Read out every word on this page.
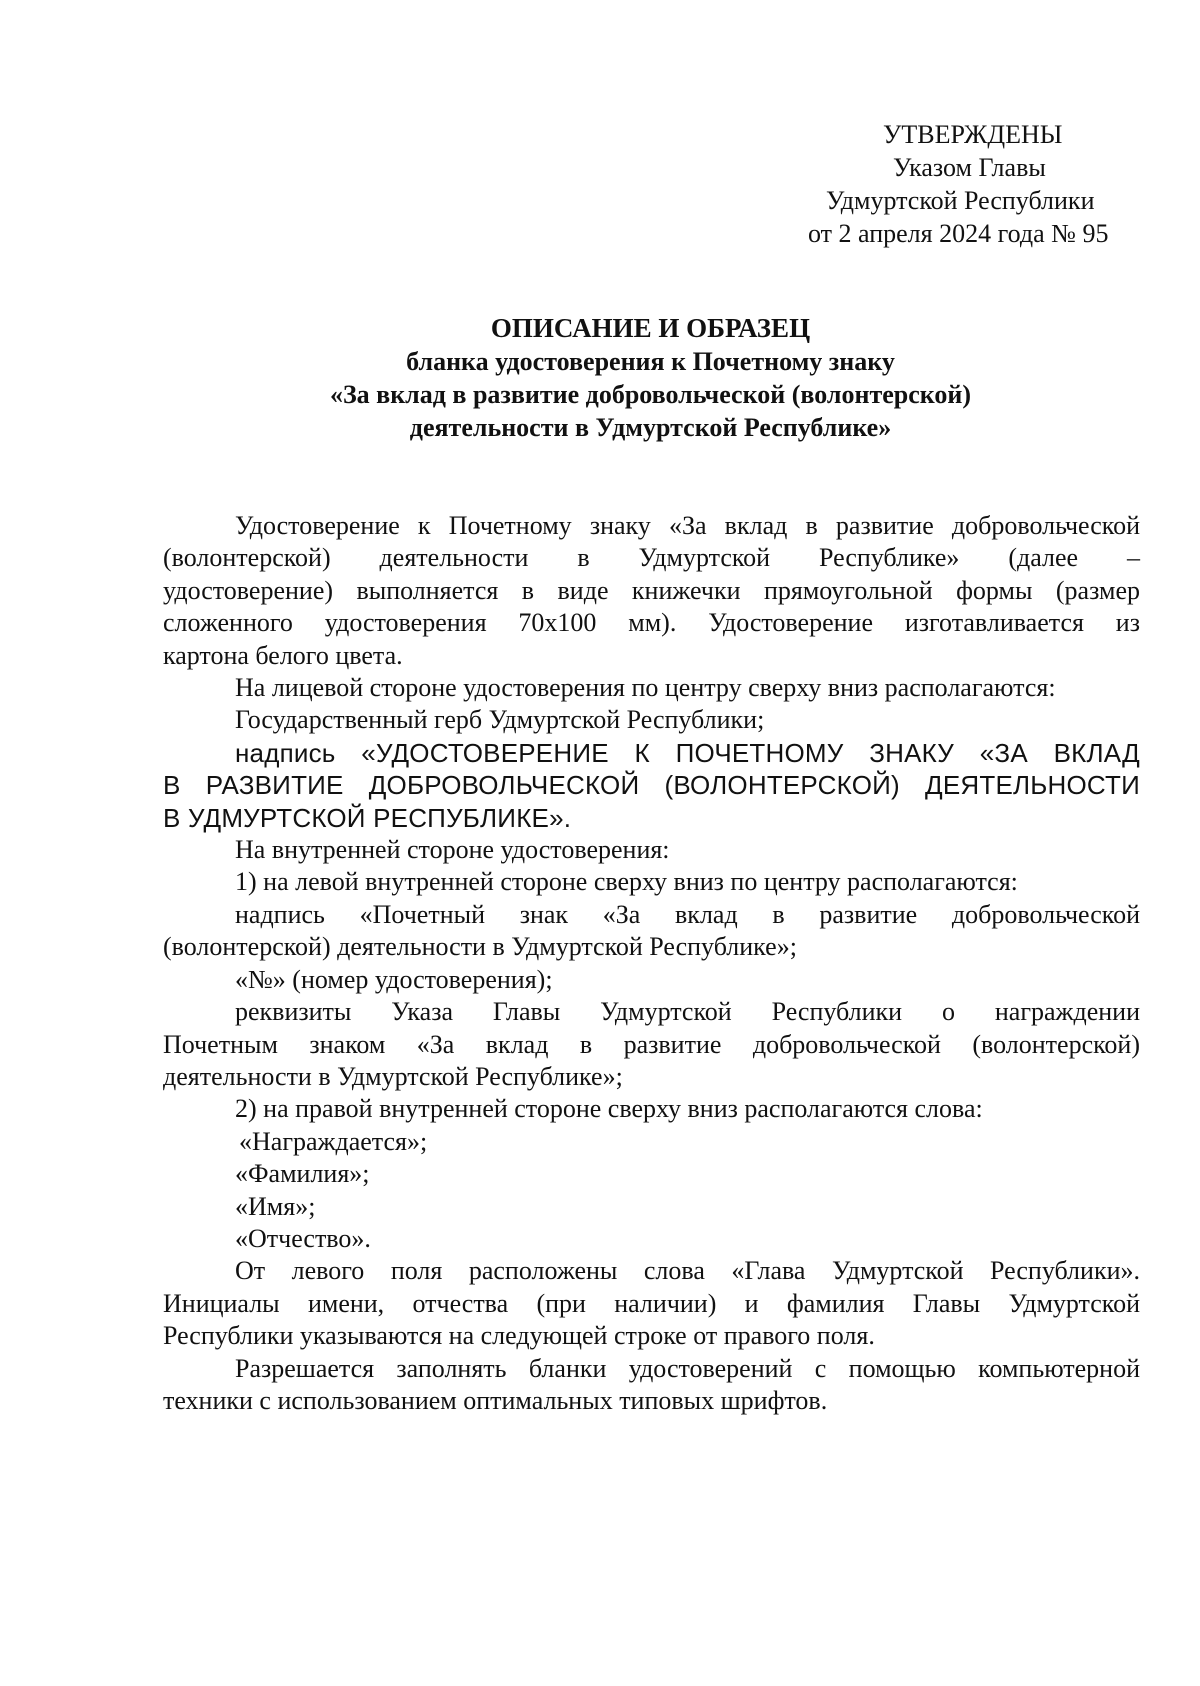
УТВЕРЖДЕНЫ
Указом Главы
Удмуртской Республики
от 2 апреля 2024 года № 95
ОПИСАНИЕ И ОБРАЗЕЦ
бланка удостоверения к Почетному знаку
«За вклад в развитие добровольческой (волонтерской)
деятельности в Удмуртской Республике»
Удостоверение к Почетному знаку «За вклад в развитие добровольческой
(волонтерской) деятельности в Удмуртской Республике» (далее –
удостоверение) выполняется в виде книжечки прямоугольной формы (размер
сложенного удостоверения 70x100 мм). Удостоверение изготавливается из
картона белого цвета.

На лицевой стороне удостоверения по центру сверху вниз располагаются:

Государственный герб Удмуртской Республики;

надпись «УДОСТОВЕРЕНИЕ К ПОЧЕТНОМУ ЗНАКУ «ЗА ВКЛАД
В РАЗВИТИЕ ДОБРОВОЛЬЧЕСКОЙ (ВОЛОНТЕРСКОЙ) ДЕЯТЕЛЬНОСТИ
В УДМУРТСКОЙ РЕСПУБЛИКЕ».

На внутренней стороне удостоверения:

1) на левой внутренней стороне сверху вниз по центру располагаются:

надпись «Почетный знак «За вклад в развитие добровольческой
(волонтерской) деятельности в Удмуртской Республике»;

«№» (номер удостоверения);

реквизиты Указа Главы Удмуртской Республики о награждении
Почетным знаком «За вклад в развитие добровольческой (волонтерской)
деятельности в Удмуртской Республике»;

2) на правой внутренней стороне сверху вниз располагаются слова:

«Награждается»;

«Фамилия»;

«Имя»;

«Отчество».

От левого поля расположены слова «Глава Удмуртской Республики».
Инициалы имени, отчества (при наличии) и фамилия Главы Удмуртской
Республики указываются на следующей строке от правого поля.
Разрешается заполнять бланки удостоверений с помощью компьютерной
техники с использованием оптимальных типовых шрифтов.
